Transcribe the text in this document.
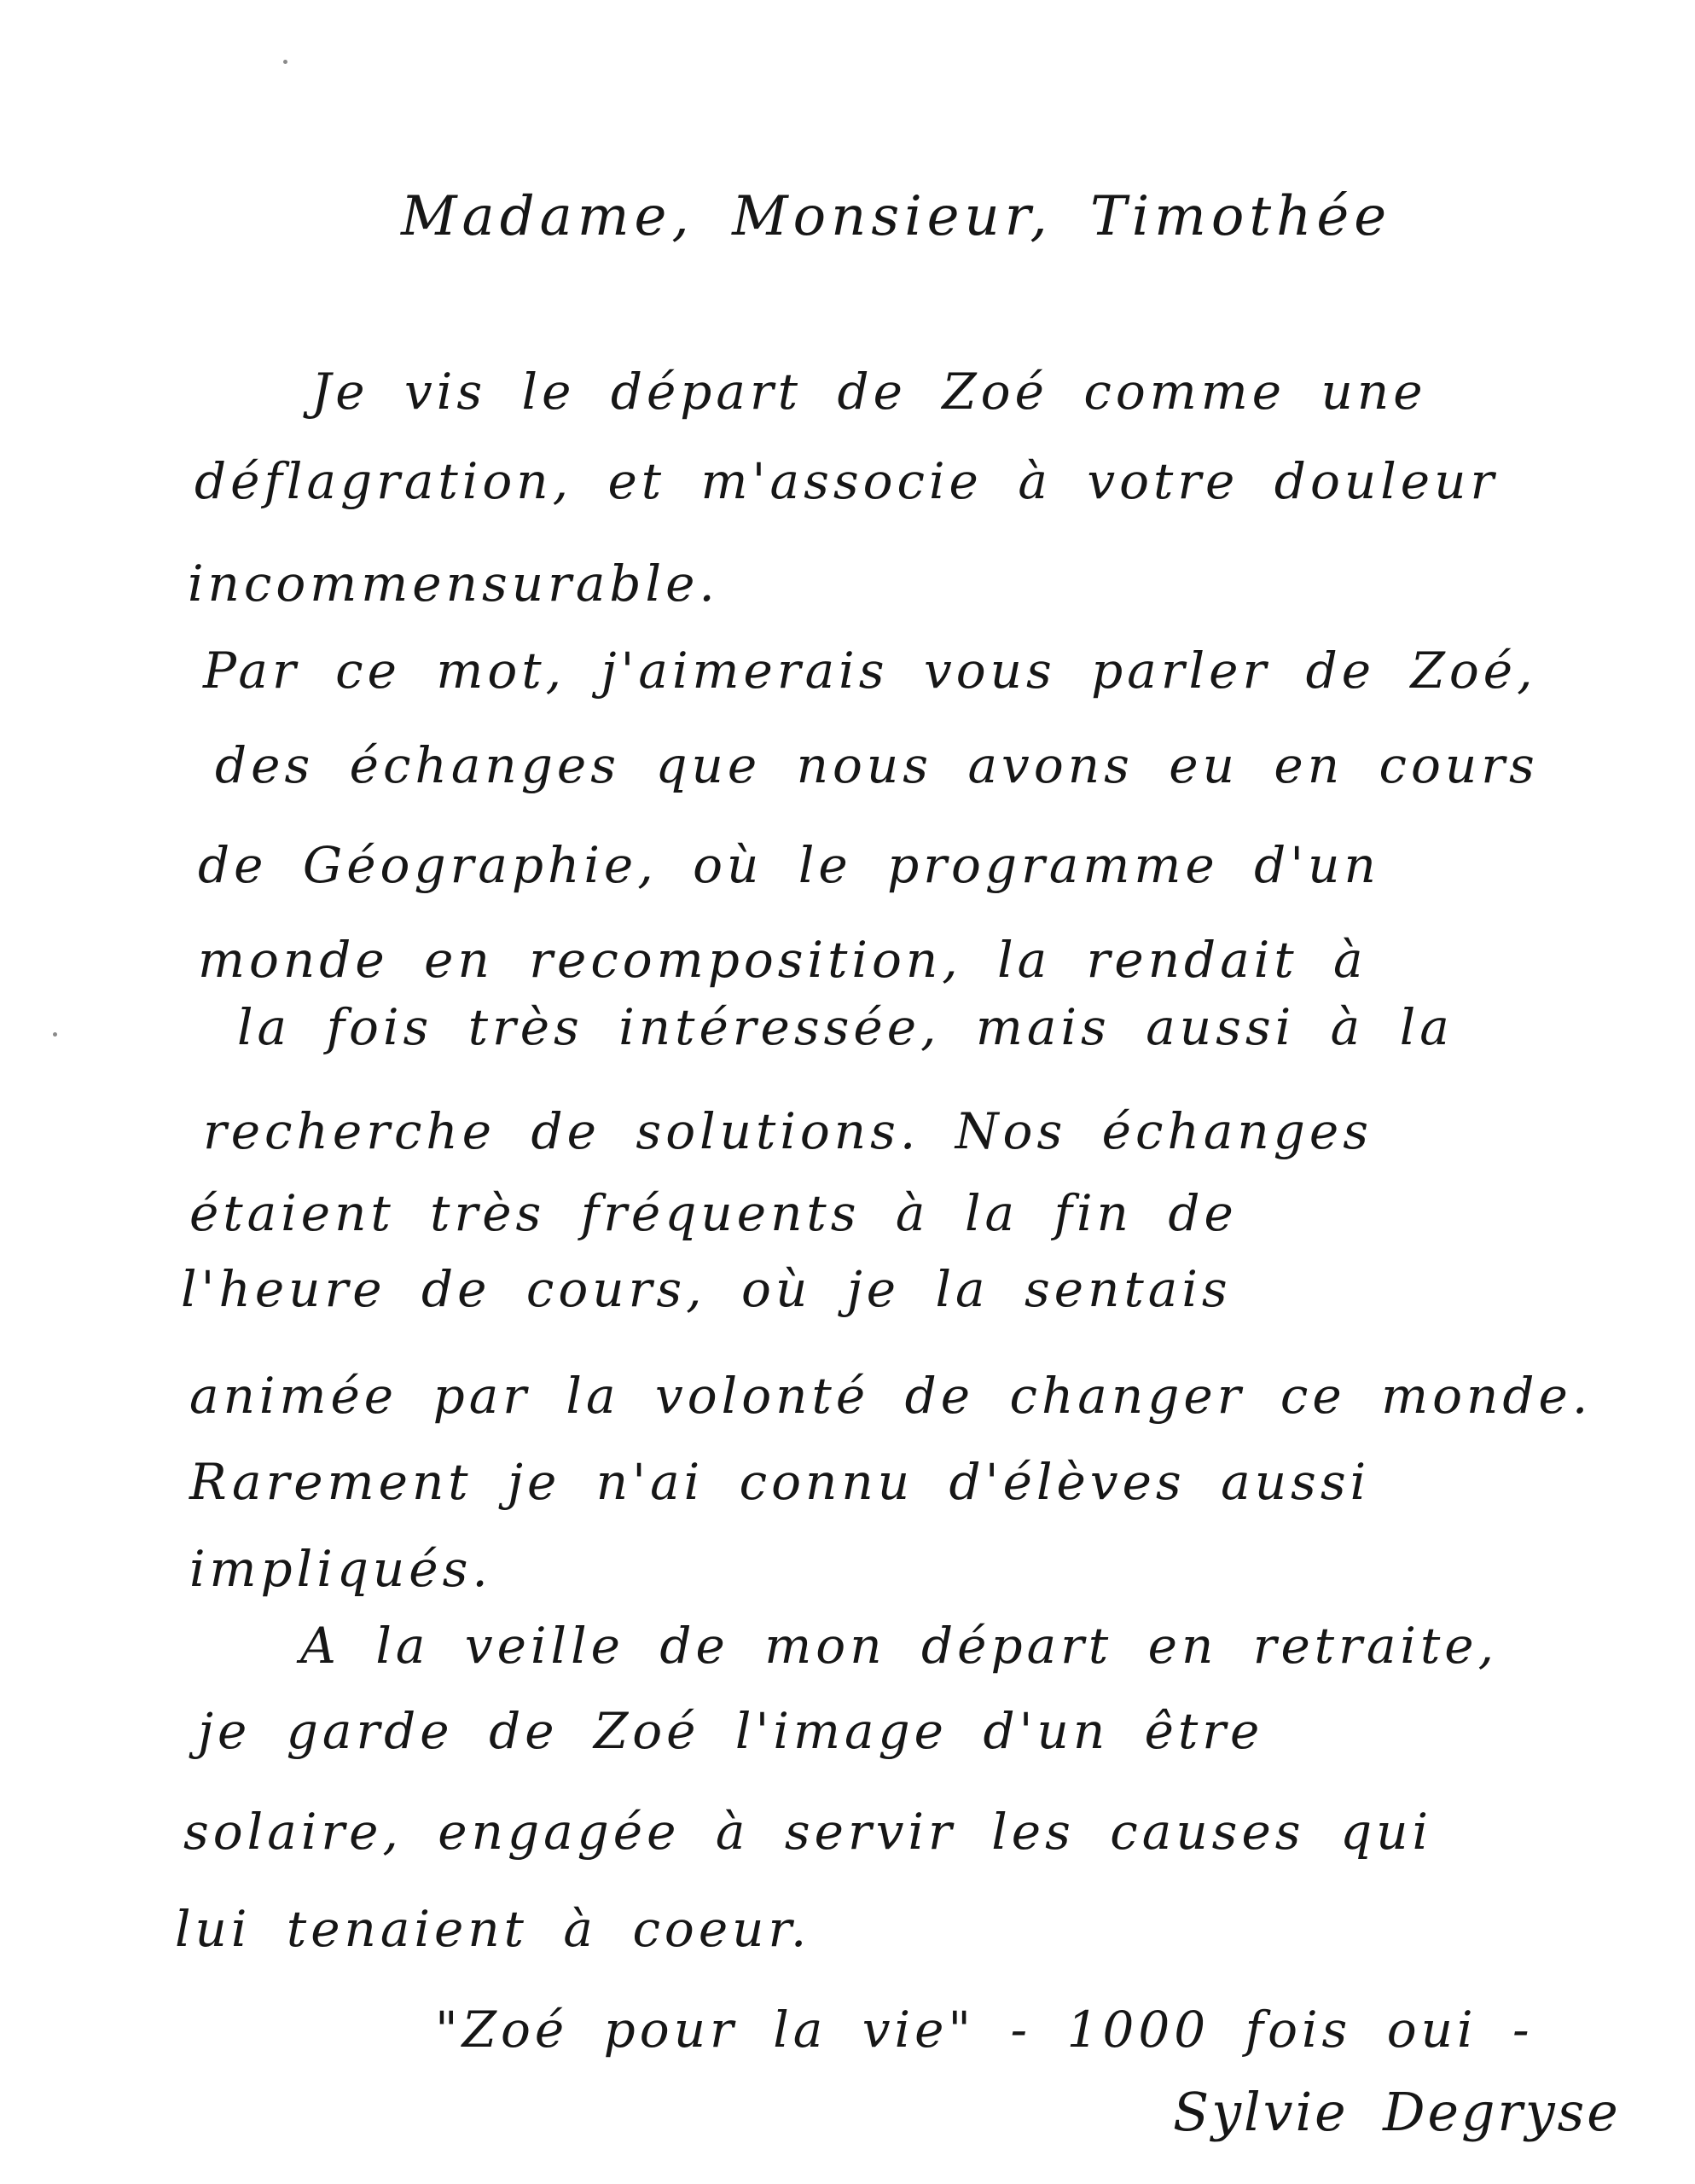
Madame, Monsieur, Timothée
Je vis le départ de Zoé comme une
déflagration, et m'associe à votre douleur
incommensurable.
Par ce mot, j'aimerais vous parler de Zoé,
des échanges que nous avons eu en cours
de Géographie, où le programme d'un
monde en recomposition, la rendait à
la fois très intéressée, mais aussi à la
recherche de solutions. Nos échanges
étaient très fréquents à la fin de
l'heure de cours, où je la sentais
animée par la volonté de changer ce monde.
Rarement je n'ai connu d'élèves aussi
impliqués.
A la veille de mon départ en retraite,
je garde de Zoé l'image d'un être
solaire, engagée à servir les causes qui
lui tenaient à coeur.
"Zoé pour la vie" - 1000 fois oui -
Sylvie Degryse
